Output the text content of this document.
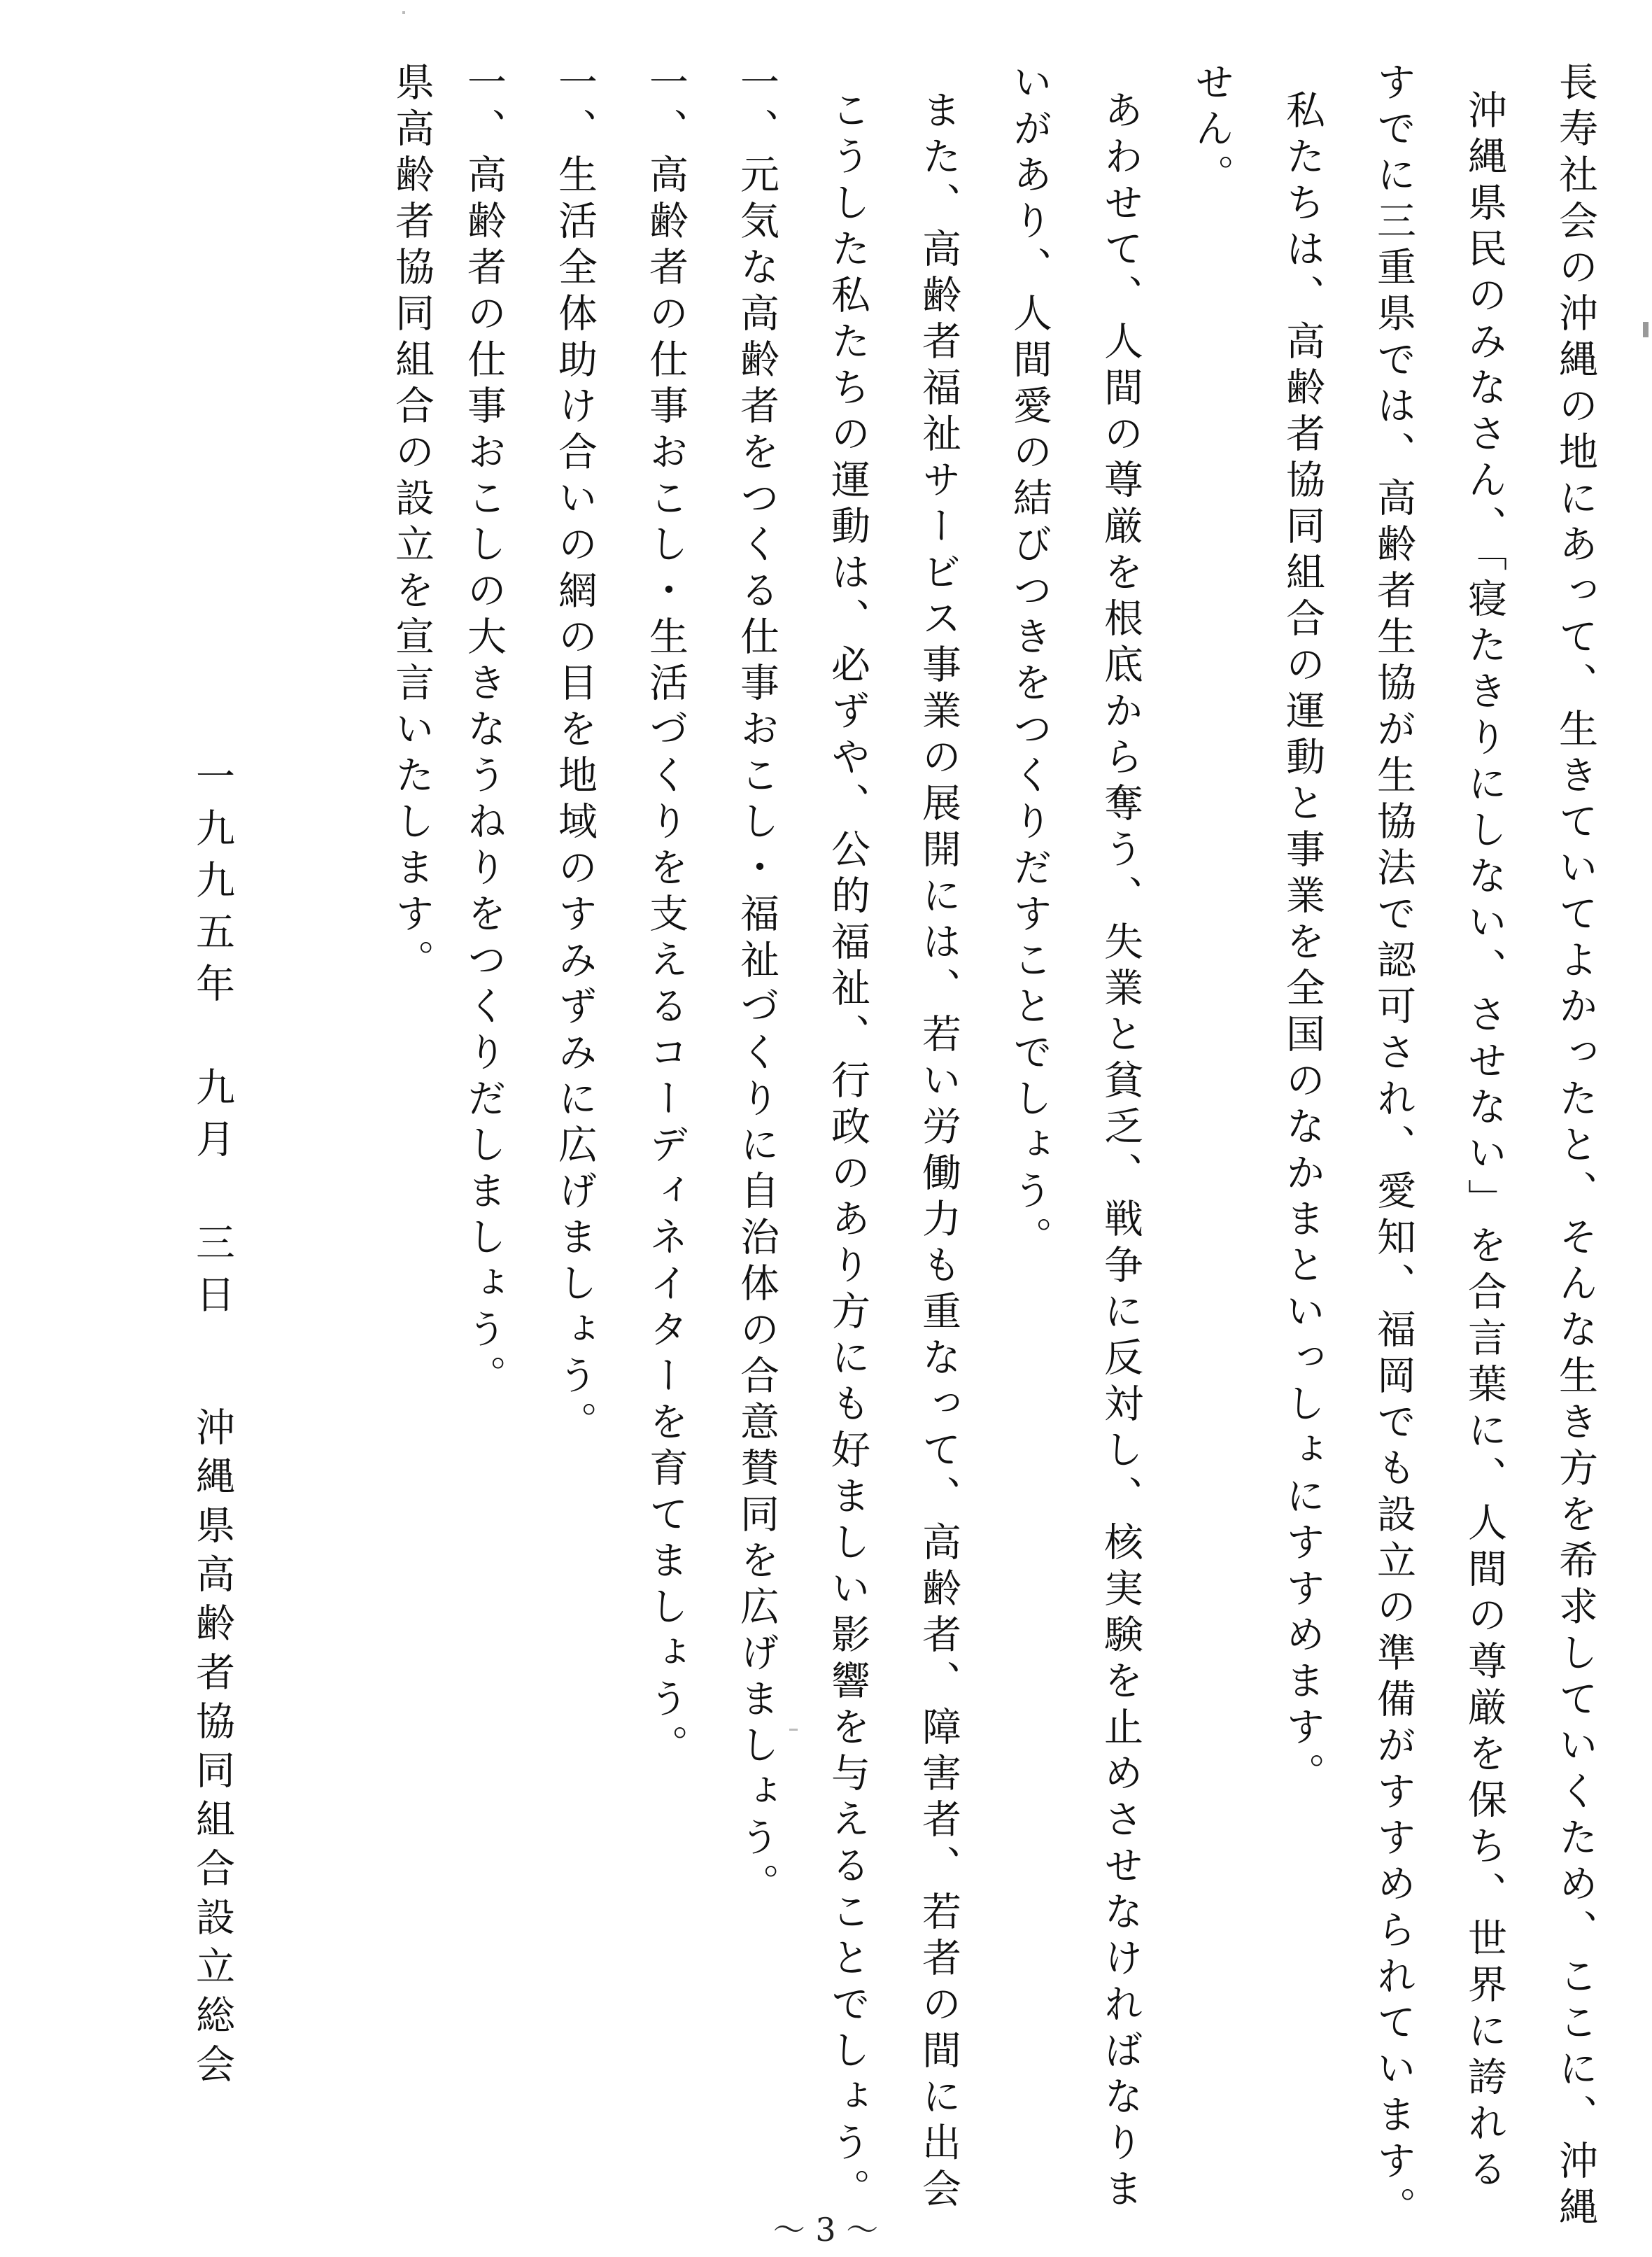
一、高齢者の仕事おこしの大きなうねりをつくりだしましょう。 一、生活全体助け合いの網の目を地域のすみずみに広げましょう。 一、高齢者の仕事おこし・生活づくりを支えるコーディネイターを育てましょう。 一、元気な高齢者をつくる仕事おこし・福祉づくりに自治体の合意賛同を広げましょう。 こうした私たちの運動は、必ずや、公的福祉、行政のあり方にも好ましい影響を与えることでしょう。 また、高齢者福祉サービス事業の展開には、若い労働力も重なって、高齢者、障害者、若者の間に出会 いがあり、人間愛の結びつきをつくりだすことでしょう。 あわせて、人間の尊厳を根底から奪う、失業と貧乏、戦争に反対し、核実験を止めさせなければなりま せん。 私たちは、高齢者協同組合の運動と事業を全国のなかまといっしょにすすめます。 すでに三重県では、高齢者生協が生協法で認可され、愛知、福岡でも設立の準備がすすめられています。 沖縄県民のみなさん、「寝たきりにしない、させない」を合言葉に、人間の尊厳を保ち、世界に誇れる 長寿社会の沖縄の地にあって、生きていてよかったと、そんな生き方を希求していくため、ここに、沖縄
県高齢者協同組合の設立を宣言いたします。
一九九五年　九月　三日
沖縄県高齢者協同組合設立総会
～ 3 ～
